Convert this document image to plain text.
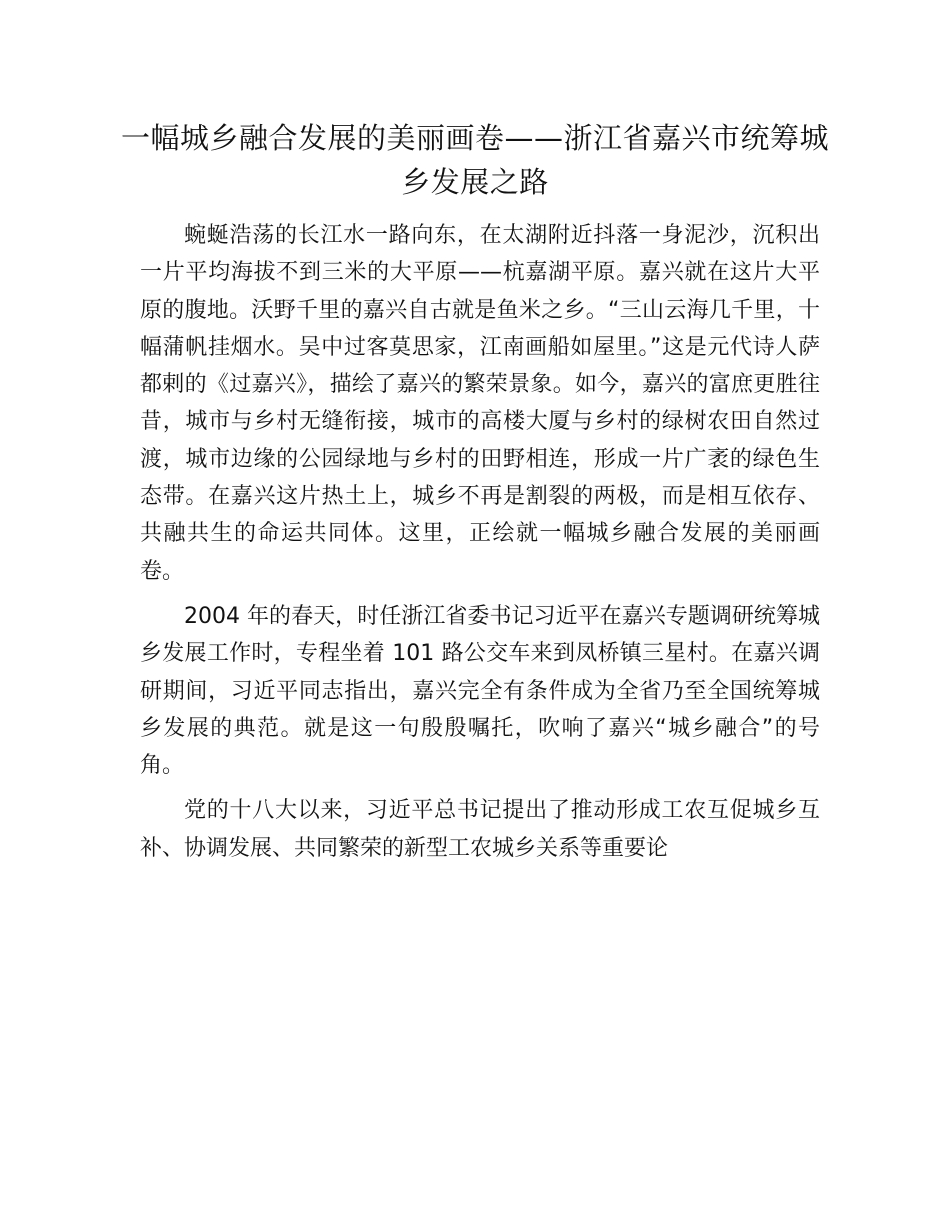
一幅城乡融合发展的美丽画卷——浙江省嘉兴市统筹城乡发展之路

蜿蜒浩荡的长江水一路向东，在太湖附近抖落一身泥沙，沉积出一片平均海拔不到三米的大平原——杭嘉湖平原。嘉兴就在这片大平原的腹地。沃野千里的嘉兴自古就是鱼米之乡。“三山云海几千里，十幅蒲帆挂烟水。吴中过客莫思家，江南画船如屋里。”这是元代诗人萨都剌的《过嘉兴》，描绘了嘉兴的繁荣景象。如今，嘉兴的富庶更胜往昔，城市与乡村无缝衔接，城市的高楼大厦与乡村的绿树农田自然过渡，城市边缘的公园绿地与乡村的田野相连，形成一片广袤的绿色生态带。在嘉兴这片热土上，城乡不再是割裂的两极，而是相互依存、共融共生的命运共同体。这里，正绘就一幅城乡融合发展的美丽画卷。

2004 年的春天，时任浙江省委书记习近平在嘉兴专题调研统筹城乡发展工作时，专程坐着 101 路公交车来到凤桥镇三星村。在嘉兴调研期间，习近平同志指出，嘉兴完全有条件成为全省乃至全国统筹城乡发展的典范。就是这一句殷殷嘱托，吹响了嘉兴“城乡融合”的号角。

党的十八大以来，习近平总书记提出了推动形成工农互促城乡互补、协调发展、共同繁荣的新型工农城乡关系等重要论
